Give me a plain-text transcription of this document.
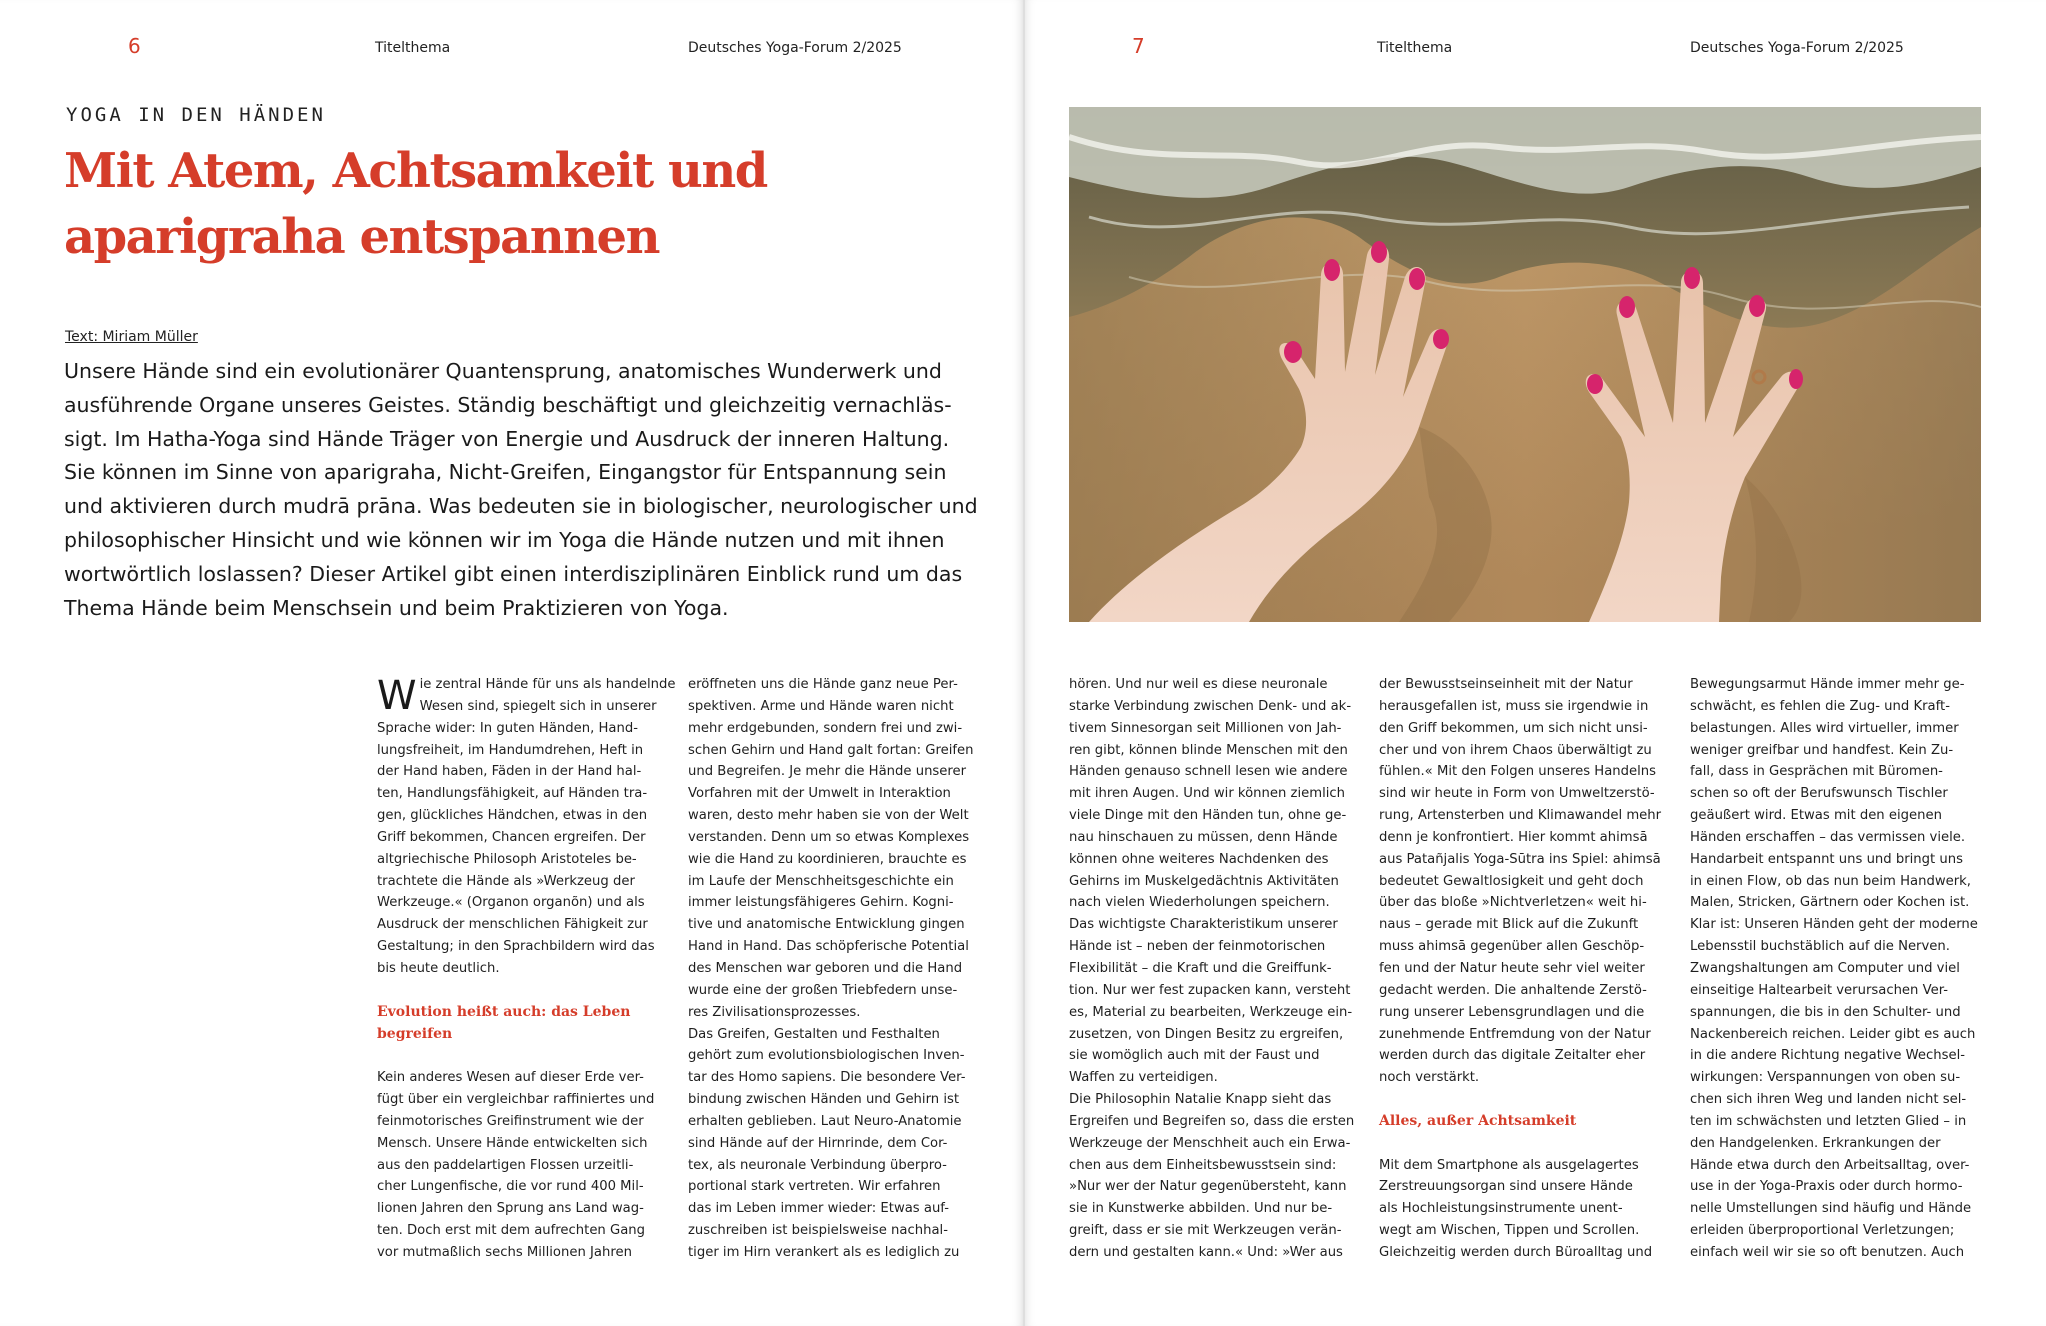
6	Titelthema	Deutsches Yoga-Forum 2/2025
YOGA IN DEN HÄNDEN
Mit Atem, Achtsamkeit und
aparigraha entspannen
Text: Miriam Müller
Unsere Hände sind ein evolutionärer Quantensprung, anatomisches Wunderwerk und
ausführende Organe unseres Geistes. Ständig beschäftigt und gleichzeitig vernachläs-
sigt. Im Hatha-Yoga sind Hände Träger von Energie und Ausdruck der inneren Haltung.
Sie können im Sinne von aparigraha, Nicht-Greifen, Eingangstor für Entspannung sein
und aktivieren durch mudrā prāna. Was bedeuten sie in biologischer, neurologischer und
philosophischer Hinsicht und wie können wir im Yoga die Hände nutzen und mit ihnen
wortwörtlich loslassen? Dieser Artikel gibt einen interdisziplinären Einblick rund um das
Thema Hände beim Menschsein und beim Praktizieren von Yoga.
W ie zentral Hände für uns als handelnde
Wesen sind, spiegelt sich in unserer
Sprache wider: In guten Händen, Hand-
lungsfreiheit, im Handumdrehen, Heft in
der Hand haben, Fäden in der Hand hal-
ten, Handlungsfähigkeit, auf Händen tra-
gen, glückliches Händchen, etwas in den
Griff bekommen, Chancen ergreifen. Der
altgriechische Philosoph Aristoteles be-
trachtete die Hände als »Werkzeug der
Werkzeuge.« (Organon organõn) und als
Ausdruck der menschlichen Fähigkeit zur
Gestaltung; in den Sprachbildern wird das
bis heute deutlich.
Evolution heißt auch: das Leben
begreifen
Kein anderes Wesen auf dieser Erde ver-
fügt über ein vergleichbar raffiniertes und
feinmotorisches Greifinstrument wie der
Mensch. Unsere Hände entwickelten sich
aus den paddelartigen Flossen urzeitli-
cher Lungenfische, die vor rund 400 Mil-
lionen Jahren den Sprung ans Land wag-
ten. Doch erst mit dem aufrechten Gang
vor mutmaßlich sechs Millionen Jahren
eröffneten uns die Hände ganz neue Per-
spektiven. Arme und Hände waren nicht
mehr erdgebunden, sondern frei und zwi-
schen Gehirn und Hand galt fortan: Greifen
und Begreifen. Je mehr die Hände unserer
Vorfahren mit der Umwelt in Interaktion
waren, desto mehr haben sie von der Welt
verstanden. Denn um so etwas Komplexes
wie die Hand zu koordinieren, brauchte es
im Laufe der Menschheitsgeschichte ein
immer leistungsfähigeres Gehirn. Kogni-
tive und anatomische Entwicklung gingen
Hand in Hand. Das schöpferische Potential
des Menschen war geboren und die Hand
wurde eine der großen Triebfedern unse-
res Zivilisationsprozesses.
Das Greifen, Gestalten und Festhalten
gehört zum evolutionsbiologischen Inven-
tar des Homo sapiens. Die besondere Ver-
bindung zwischen Händen und Gehirn ist
erhalten geblieben. Laut Neuro-Anatomie
sind Hände auf der Hirnrinde, dem Cor-
tex, als neuronale Verbindung überpro-
portional stark vertreten. Wir erfahren
das im Leben immer wieder: Etwas auf-
zuschreiben ist beispielsweise nachhal-
tiger im Hirn verankert als es lediglich zu
7	Titelthema	Deutsches Yoga-Forum 2/2025
hören. Und nur weil es diese neuronale
starke Verbindung zwischen Denk- und ak-
tivem Sinnesorgan seit Millionen von Jah-
ren gibt, können blinde Menschen mit den
Händen genauso schnell lesen wie andere
mit ihren Augen. Und wir können ziemlich
viele Dinge mit den Händen tun, ohne ge-
nau hinschauen zu müssen, denn Hände
können ohne weiteres Nachdenken des
Gehirns im Muskelgedächtnis Aktivitäten
nach vielen Wiederholungen speichern.
Das wichtigste Charakteristikum unserer
Hände ist – neben der feinmotorischen
Flexibilität – die Kraft und die Greiffunk-
tion. Nur wer fest zupacken kann, versteht
es, Material zu bearbeiten, Werkzeuge ein-
zusetzen, von Dingen Besitz zu ergreifen,
sie womöglich auch mit der Faust und
Waffen zu verteidigen.
Die Philosophin Natalie Knapp sieht das
Ergreifen und Begreifen so, dass die ersten
Werkzeuge der Menschheit auch ein Erwa-
chen aus dem Einheitsbewusstsein sind:
»Nur wer der Natur gegenübersteht, kann
sie in Kunstwerke abbilden. Und nur be-
greift, dass er sie mit Werkzeugen verän-
dern und gestalten kann.« Und: »Wer aus
der Bewusstseinseinheit mit der Natur
herausgefallen ist, muss sie irgendwie in
den Griff bekommen, um sich nicht unsi-
cher und von ihrem Chaos überwältigt zu
fühlen.« Mit den Folgen unseres Handelns
sind wir heute in Form von Umweltzerstö-
rung, Artensterben und Klimawandel mehr
denn je konfrontiert. Hier kommt ahimsā
aus Patañjalis Yoga-Sūtra ins Spiel: ahimsā
bedeutet Gewaltlosigkeit und geht doch
über das bloße »Nichtverletzen« weit hi-
naus – gerade mit Blick auf die Zukunft
muss ahimsā gegenüber allen Geschöp-
fen und der Natur heute sehr viel weiter
gedacht werden. Die anhaltende Zerstö-
rung unserer Lebensgrundlagen und die
zunehmende Entfremdung von der Natur
werden durch das digitale Zeitalter eher
noch verstärkt.
Alles, außer Achtsamkeit
Mit dem Smartphone als ausgelagertes
Zerstreuungsorgan sind unsere Hände
als Hochleistungsinstrumente unent-
wegt am Wischen, Tippen und Scrollen.
Gleichzeitig werden durch Büroalltag und
Bewegungsarmut Hände immer mehr ge-
schwächt, es fehlen die Zug- und Kraft-
belastungen. Alles wird virtueller, immer
weniger greifbar und handfest. Kein Zu-
fall, dass in Gesprächen mit Büromen-
schen so oft der Berufswunsch Tischler
geäußert wird. Etwas mit den eigenen
Händen erschaffen – das vermissen viele.
Handarbeit entspannt uns und bringt uns
in einen Flow, ob das nun beim Handwerk,
Malen, Stricken, Gärtnern oder Kochen ist.
Klar ist: Unseren Händen geht der moderne
Lebensstil buchstäblich auf die Nerven.
Zwangshaltungen am Computer und viel
einseitige Haltearbeit verursachen Ver-
spannungen, die bis in den Schulter- und
Nackenbereich reichen. Leider gibt es auch
in die andere Richtung negative Wechsel-
wirkungen: Verspannungen von oben su-
chen sich ihren Weg und landen nicht sel-
ten im schwächsten und letzten Glied – in
den Handgelenken. Erkrankungen der
Hände etwa durch den Arbeitsalltag, over-
use in der Yoga-Praxis oder durch hormo-
nelle Umstellungen sind häufig und Hände
erleiden überproportional Verletzungen;
einfach weil wir sie so oft benutzen. Auch
